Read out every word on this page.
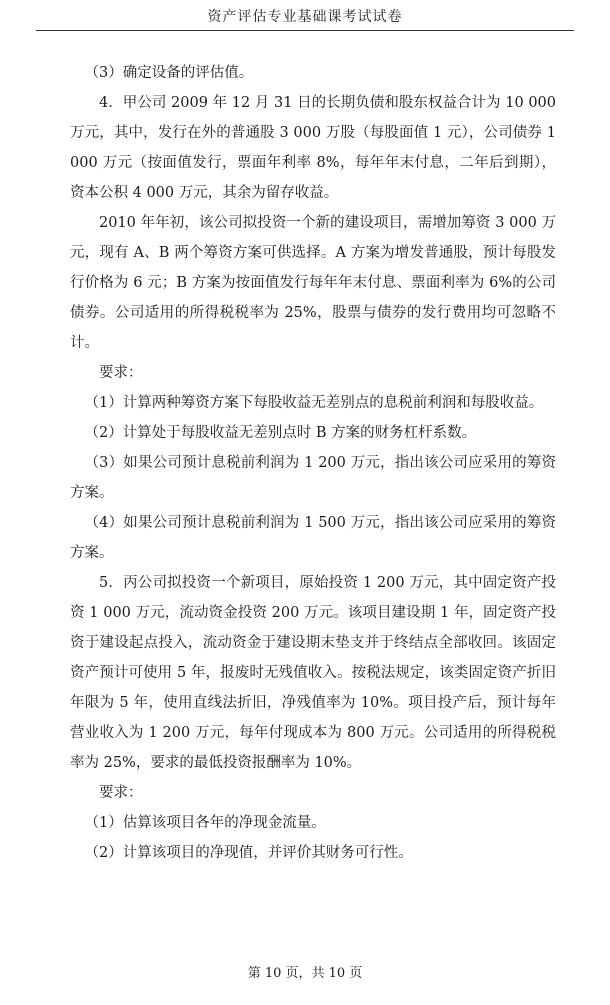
资产评估专业基础课考试试卷

（3）确定设备的评估值。

4．甲公司 2009 年 12 月 31 日的长期负债和股东权益合计为 10 000 万元，其中，发行在外的普通股 3 000 万股（每股面值 1 元），公司债券 1 000 万元（按面值发行，票面年利率 8%，每年年末付息，二年后到期），资本公积 4 000 万元，其余为留存收益。

2010 年年初，该公司拟投资一个新的建设项目，需增加筹资 3 000 万元，现有 A、B 两个筹资方案可供选择。A 方案为增发普通股，预计每股发行价格为 6 元；B 方案为按面值发行每年年末付息、票面利率为 6%的公司债券。公司适用的所得税税率为 25%，股票与债券的发行费用均可忽略不计。

要求：

（1）计算两种筹资方案下每股收益无差别点的息税前利润和每股收益。

（2）计算处于每股收益无差别点时 B 方案的财务杠杆系数。

（3）如果公司预计息税前利润为 1 200 万元，指出该公司应采用的筹资方案。

（4）如果公司预计息税前利润为 1 500 万元，指出该公司应采用的筹资方案。

5．丙公司拟投资一个新项目，原始投资 1 200 万元，其中固定资产投资 1 000 万元，流动资金投资 200 万元。该项目建设期 1 年，固定资产投资于建设起点投入，流动资金于建设期末垫支并于终结点全部收回。该固定资产预计可使用 5 年，报废时无残值收入。按税法规定，该类固定资产折旧年限为 5 年，使用直线法折旧，净残值率为 10%。项目投产后，预计每年营业收入为 1 200 万元，每年付现成本为 800 万元。公司适用的所得税税率为 25%，要求的最低投资报酬率为 10%。

要求：

（1）估算该项目各年的净现金流量。

（2）计算该项目的净现值，并评价其财务可行性。

第 10 页，共 10 页
